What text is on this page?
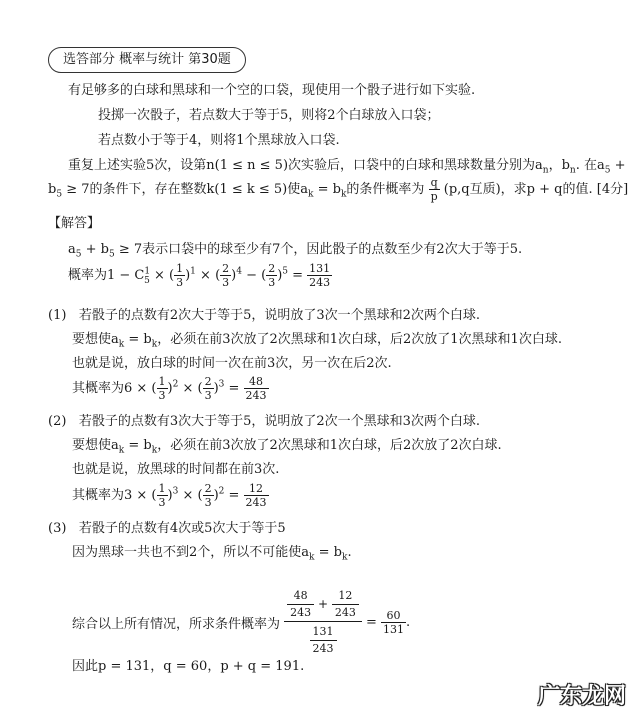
选答部分 概率与统计 第30题
有足够多的白球和黑球和一个空的口袋，现使用一个骰子进行如下实验.
投掷一次骰子，若点数大于等于5，则将2个白球放入口袋；
若点数小于等于4，则将1个黑球放入口袋.
重复上述实验5次，设第n(1 ≤ n ≤ 5)次实验后，口袋中的白球和黑球数量分别为$a_n$，$b_n$. 在$a_5$ +
$b_5 \ge 7$的条件下，存在整数k(1 ≤ k ≤ 5)使$a_k = b_k$的条件概率为 $\frac{q}{p} (p,q$互质)，求p + q的值. [4分]
【解答】
$a_5 + b_5 \ge 7$表示口袋中的球至少有7个，因此骰子的点数至少有2次大于等于5.
概率为$1 - C^1_5$ × ( $\frac{1}{3} )^1$ × ( $\frac{2}{3} )^4$ − ( $\frac{2}{3} )^5 = \frac{131}{243}$
(1) 若骰子的点数有2次大于等于5，说明放了3次一个黑球和2次两个白球.
要想使$a_k = b_k$，必须在前3次放了2次黑球和1次白球，后2次放了1次黑球和1次白球.
也就是说，放白球的时间一次在前3次，另一次在后2次.
其概率为6 × ( $\frac{1}{3} )^2$ × ( $\frac{2}{3} )^3 = \frac{48}{243}$
(2) 若骰子的点数有3次大于等于5，说明放了2次一个黑球和3次两个白球.
要想使$a_k = b_k$，必须在前3次放了2次黑球和1次白球，后2次放了2次白球.
也就是说，放黑球的时间都在前3次.
其概率为3 × ( $\frac{1}{3} )^3$ × ( $\frac{2}{3} )^2 = \frac{12}{243}$
(3) 若骰子的点数有4次或5次大于等于5
因为黑球一共也不到2个，所以不可能使$a_k = b_k$.
综合以上所有情况，所求条件概率为 $\frac{\frac{48}{243} + \frac{12}{243}}{\frac{131}{243}} = \frac{60}{131}$ .
因此p = 131，q = 60，p + q = 191.
广东龙网
